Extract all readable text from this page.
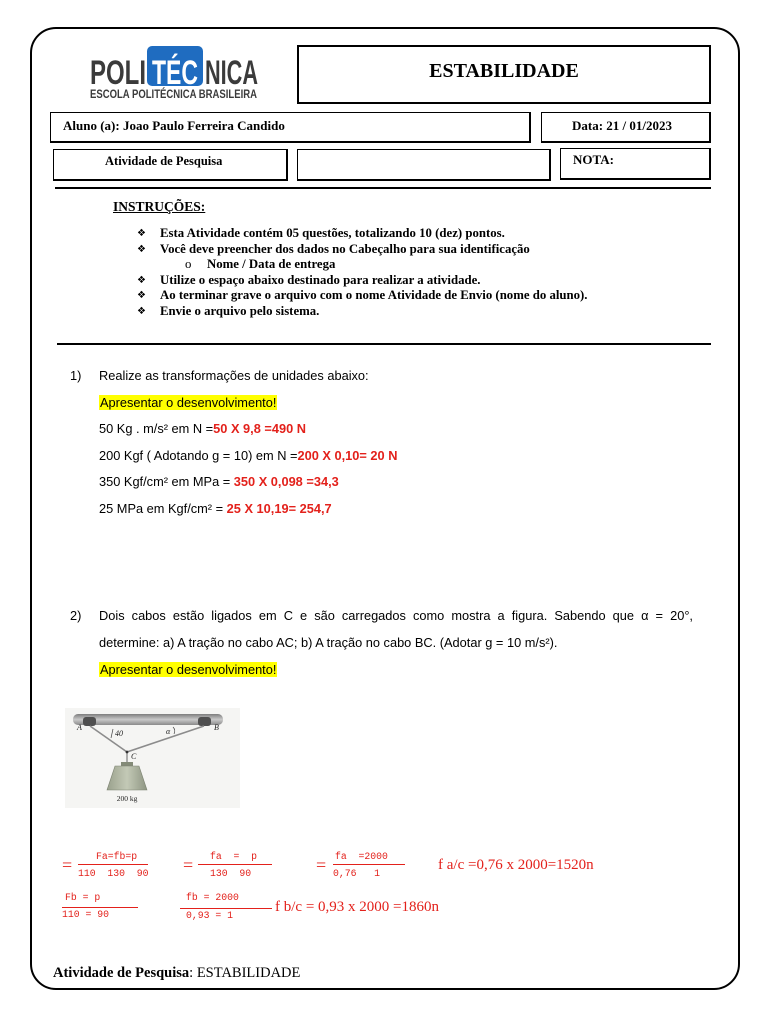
POLI TÉC NICA
ESCOLA POLITÉCNICA BRASILEIRA
ESTABILIDADE
Aluno (a): Joao Paulo Ferreira Candido	Data: 21 / 01/2023
Atividade de Pesquisa	NOTA:
INSTRUÇÕES:
❖	Esta Atividade contém 05 questões, totalizando 10 (dez) pontos.
❖	Você deve preencher dos dados no Cabeçalho para sua identificação
o	Nome / Data de entrega
❖	Utilize o espaço abaixo destinado para realizar a atividade.
❖	Ao terminar grave o arquivo com o nome Atividade de Envio (nome do aluno).
❖	Envie o arquivo pelo sistema.
1) Realize as transformações de unidades abaixo:
Apresentar o desenvolvimento!
50 Kg . m/s² em N =50 X 9,8 =490 N
200 Kgf ( Adotando g = 10) em N =200 X 0,10= 20 N
350 Kgf/cm² em MPa = 350 X 0,098 =34,3
25 MPa em Kgf/cm² = 25 X 10,19= 254,7
2) Dois cabos estão ligados em C e são carregados como mostra a figura. Sabendo que α = 20°,
determine: a) A tração no cabo AC; b) A tração no cabo BC. (Adotar g = 10 m/s²).
Apresentar o desenvolvimento!
A	B
C
40	α
200 kg
= Fa=fb=p
110  130  90 = fa  =  p
130  90	= fa  =2000
0,76   1
f a/c =0,76 x 2000=1520n
Fb = p
110 = 90
fb = 2000
0,93 = 1
f b/c = 0,93 x 2000 =1860n
Atividade de Pesquisa: ESTABILIDADE
